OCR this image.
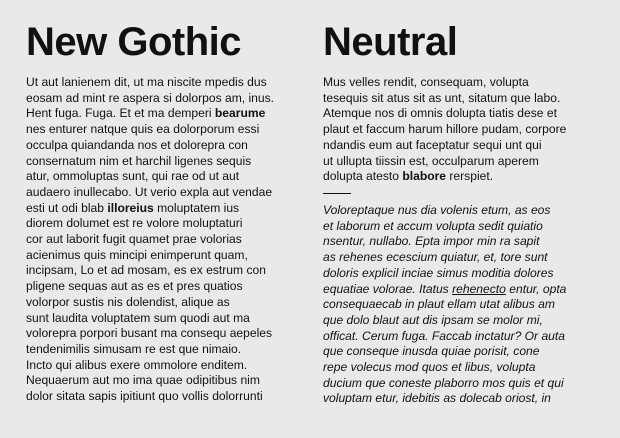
New Gothic
Ut aut lanienem dit, ut ma niscite mpedis dus
eosam ad mint re aspera si dolorpos am, inus.
Hent fuga. Fuga. Et et ma demperi bearume
nes enturer natque quis ea dolorporum essi
occulpa quiandanda nos et dolorepra con
consernatum nim et harchil ligenes sequis
atur, ommoluptas sunt, qui rae od ut aut
audaero inullecabo. Ut verio expla aut vendae
esti ut odi blab illoreius moluptatem ius
diorem dolumet est re volore moluptaturi
cor aut laborit fugit quamet prae volorias
acienimus quis mincipi enimperunt quam,
incipsam, Lo et ad mosam, es ex estrum con
pligene sequas aut as es et pres quatios
volorpor sustis nis dolendist, alique as
sunt laudita voluptatem sum quodi aut ma
volorepra porpori busant ma consequ aepeles
tendenimilis simusam re est que nimaio.
Incto qui alibus exere ommolore enditem.
Nequaerum aut mo ima quae odipitibus nim
dolor sitata sapis ipitiunt quo vollis dolorrunti
Neutral
Mus velles rendit, consequam, volupta
tesequis sit atus sit as unt, sitatum que labo.
Atemque nos di omnis dolupta tiatis dese et
plaut et faccum harum hillore pudam, corpore
ndandis eum aut faceptatur sequi unt qui
ut ullupta tiissin est, occulparum aperem
dolupta atesto blabore rerspiet.
Voloreptaque nus dia volenis etum, as eos
et laborum et accum volupta sedit quiatio
nsentur, nullabo. Epta impor min ra sapit
as rehenes ecescium quiatur, et, tore sunt
doloris explicil inciae simus moditia dolores
equatiae volorae. Itatus rehenecto entur, opta
consequaecab in plaut ellam utat alibus am
que dolo blaut aut dis ipsam se molor mi,
officat. Cerum fuga. Faccab inctatur? Or auta
que conseque inusda quiae porisit, cone
repe volecus mod quos et libus, volupta
ducium que coneste plaborro mos quis et qui
voluptam etur, idebitis as dolecab oriost, in
